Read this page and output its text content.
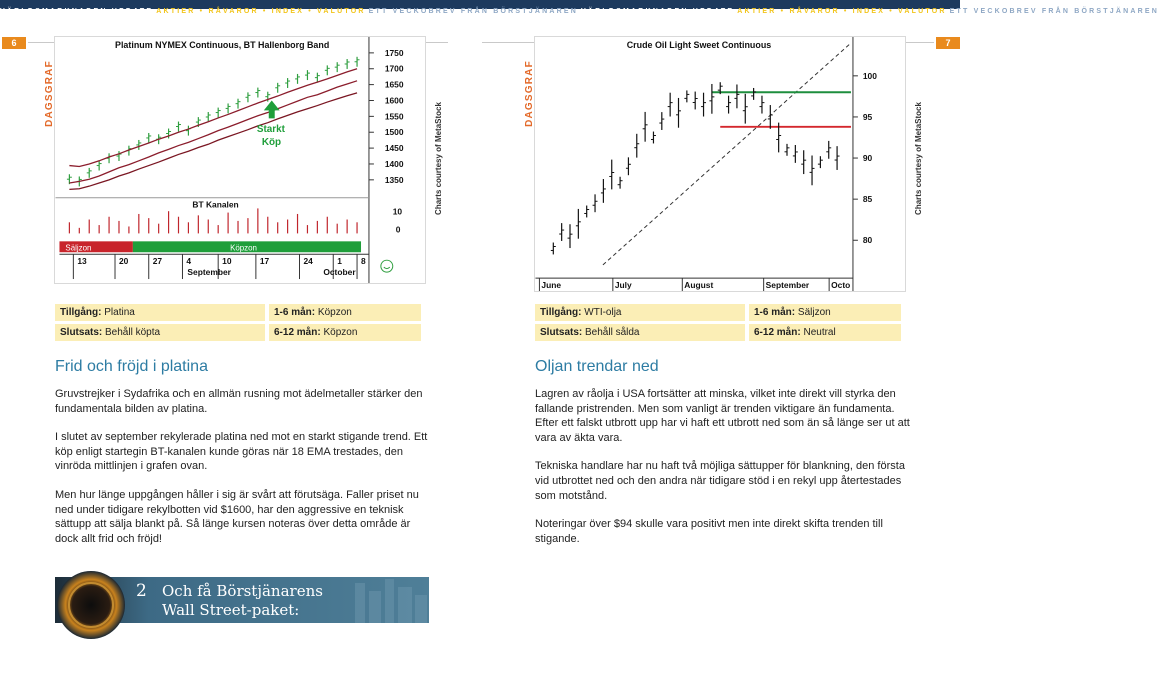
VÄRLDSMARKNADEN UPDATE AKTIER • RÅVAROR • INDEX • VALUTOR ETT VECKOBREV FRÅN BÖRSTJÄNAREN VÄRLDSMARKNADEN UPDATE AKTIER • RÅVAROR • INDEX • VALUTOR ETT VECKOBREV FRÅN BÖRSTJÄNAREN
6	7
DAGSGRAF
Platinum NYMEX Continuous, BT Hallenborg Band
1750
1700
1650
1600
1550
1500
1450
1400
1350
Starkt
Köp
BT Kanalen
10
0
Säljzon	Köpzon
13	20	27	4	10	17	24	1 8
September	October
Charts courtesy of MetaStock
DAGSGRAF
Crude Oil Light Sweet Continuous
100
95
90
85
80
June	July	August	September	Octo
Charts courtesy of MetaStock
Tillgång: Platina	1-6 mån: Köpzon
Slutsats: Behåll köpta	6-12 mån: Köpzon
Tillgång: WTI-olja	1-6 mån: Säljzon
Slutsats: Behåll sålda	6-12 mån: Neutral
Frid och fröjd i platina

Gruvstrejker i Sydafrika och en allmän rusning mot ädelmetaller stärker den fundamentala bilden av platina.

I slutet av september rekylerade platina ned mot en starkt stigande trend. Ett köp enligt startegin BT-kanalen kunde göras när 18 EMA trestades, den vinröda mittlinjen i grafen ovan.

Men hur länge uppgången håller i sig är svårt att förutsäga. Faller priset nu ned under tidigare rekylbotten vid $1600, har den aggressive en teknisk sättupp att sälja blankt på. Så länge kursen noteras över detta område är dock allt frid och fröjd!

Oljan trendar ned

Lagren av råolja i USA fortsätter att minska, vilket inte direkt vill styrka den fallande pristrenden. Men som vanligt är trenden viktigare än fundamenta. Efter ett falskt utbrott upp har vi haft ett utbrott ned som än så länge ser ut att vara av äkta vara.

Tekniska handlare har nu haft två möjliga sättupper för blankning, den första vid utbrottet ned och den andra när tidigare stöd i en rekyl upp återtestades som motstånd.

Noteringar över $94 skulle vara positivt men inte direkt skifta trenden till stigande.

2 Och få Börstjänarens
Wall Street-paket:
